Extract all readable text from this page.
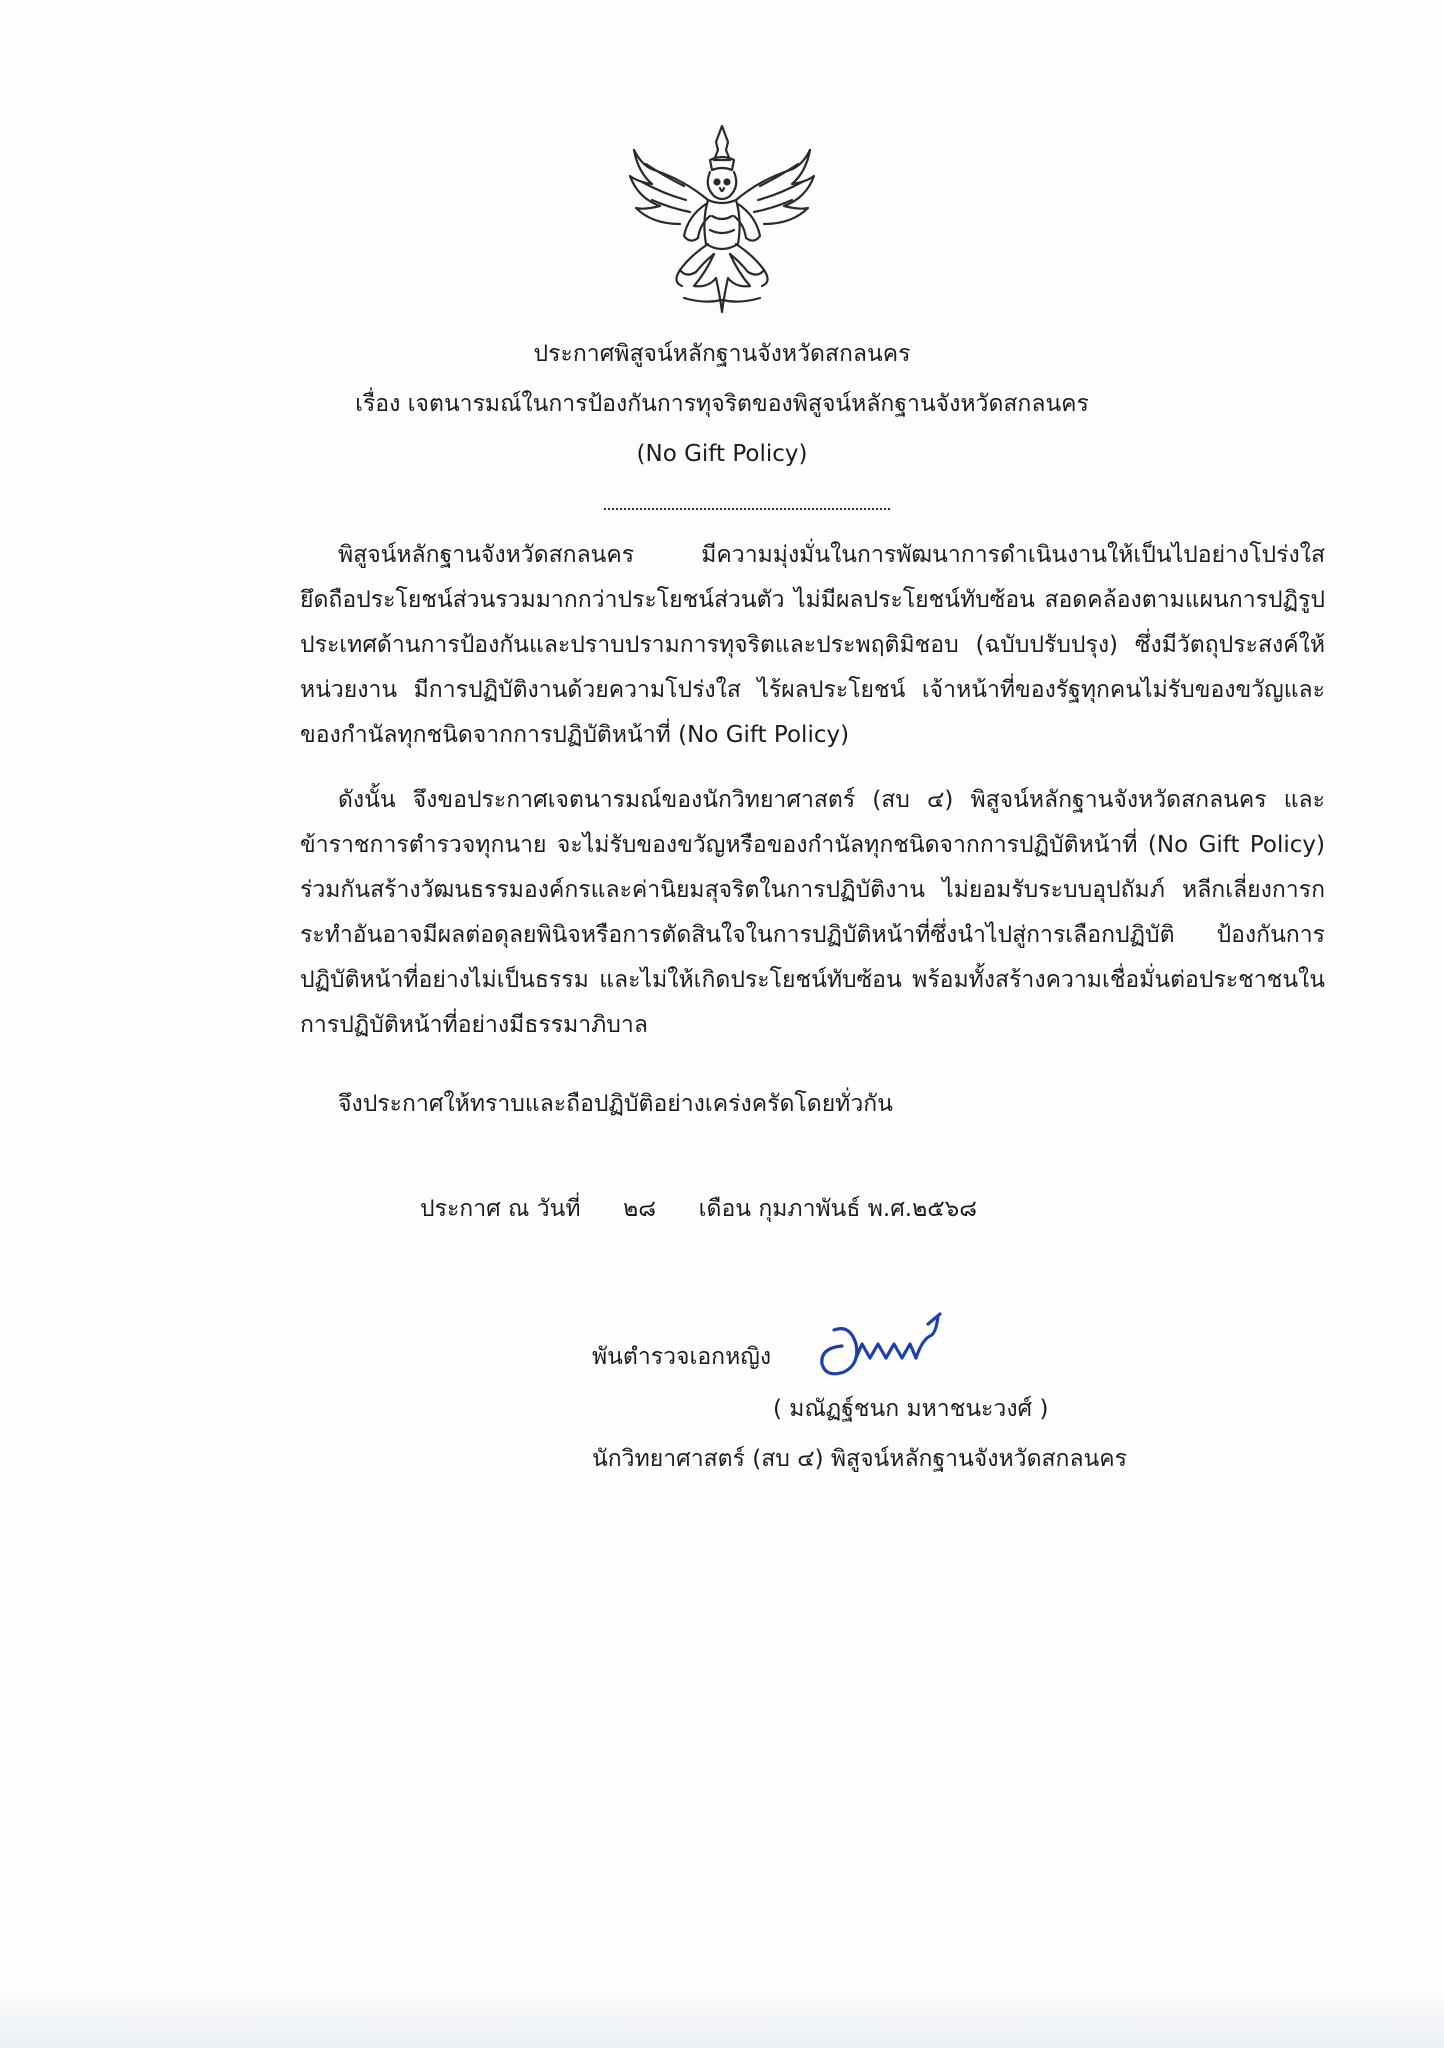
ประกาศพิสูจน์หลักฐานจังหวัดสกลนคร
เรื่อง เจตนารมณ์ในการป้องกันการทุจริตของพิสูจน์หลักฐานจังหวัดสกลนคร
(No Gift Policy)

พิสูจน์หลักฐานจังหวัดสกลนคร มีความมุ่งมั่นในการพัฒนาการดำเนินงานให้เป็นไปอย่างโปร่งใส ยึดถือประโยชน์ส่วนรวมมากกว่าประโยชน์ส่วนตัว ไม่มีผลประโยชน์ทับซ้อน สอดคล้องตามแผนการปฏิรูปประเทศด้านการป้องกันและปราบปรามการทุจริตและประพฤติมิชอบ (ฉบับปรับปรุง) ซึ่งมีวัตถุประสงค์ให้หน่วยงาน มีการปฏิบัติงานด้วยความโปร่งใส ไร้ผลประโยชน์ เจ้าหน้าที่ของรัฐทุกคนไม่รับของขวัญและของกำนัลทุกชนิดจากการปฏิบัติหน้าที่ (No Gift Policy)

ดังนั้น จึงขอประกาศเจตนารมณ์ของนักวิทยาศาสตร์ (สบ ๔) พิสูจน์หลักฐานจังหวัดสกลนคร และข้าราชการตำรวจทุกนาย จะไม่รับของขวัญหรือของกำนัลทุกชนิดจากการปฏิบัติหน้าที่ (No Gift Policy) ร่วมกันสร้างวัฒนธรรมองค์กรและค่านิยมสุจริตในการปฏิบัติงาน ไม่ยอมรับระบบอุปถัมภ์ หลีกเลี่ยงการกระทำอันอาจมีผลต่อดุลยพินิจหรือการตัดสินใจในการปฏิบัติหน้าที่ซึ่งนำไปสู่การเลือกปฏิบัติ ป้องกันการปฏิบัติหน้าที่อย่างไม่เป็นธรรม และไม่ให้เกิดประโยชน์ทับซ้อน พร้อมทั้งสร้างความเชื่อมั่นต่อประชาชนในการปฏิบัติหน้าที่อย่างมีธรรมาภิบาล

จึงประกาศให้ทราบและถือปฏิบัติอย่างเคร่งครัดโดยทั่วกัน
ประกาศ ณ วันที่ ๒๘ เดือน กุมภาพันธ์ พ.ศ.๒๕๖๘
พันตำรวจเอกหญิง
( มณัฏฐ์ชนก มหาชนะวงศ์ )
นักวิทยาศาสตร์ (สบ ๔) พิสูจน์หลักฐานจังหวัดสกลนคร
